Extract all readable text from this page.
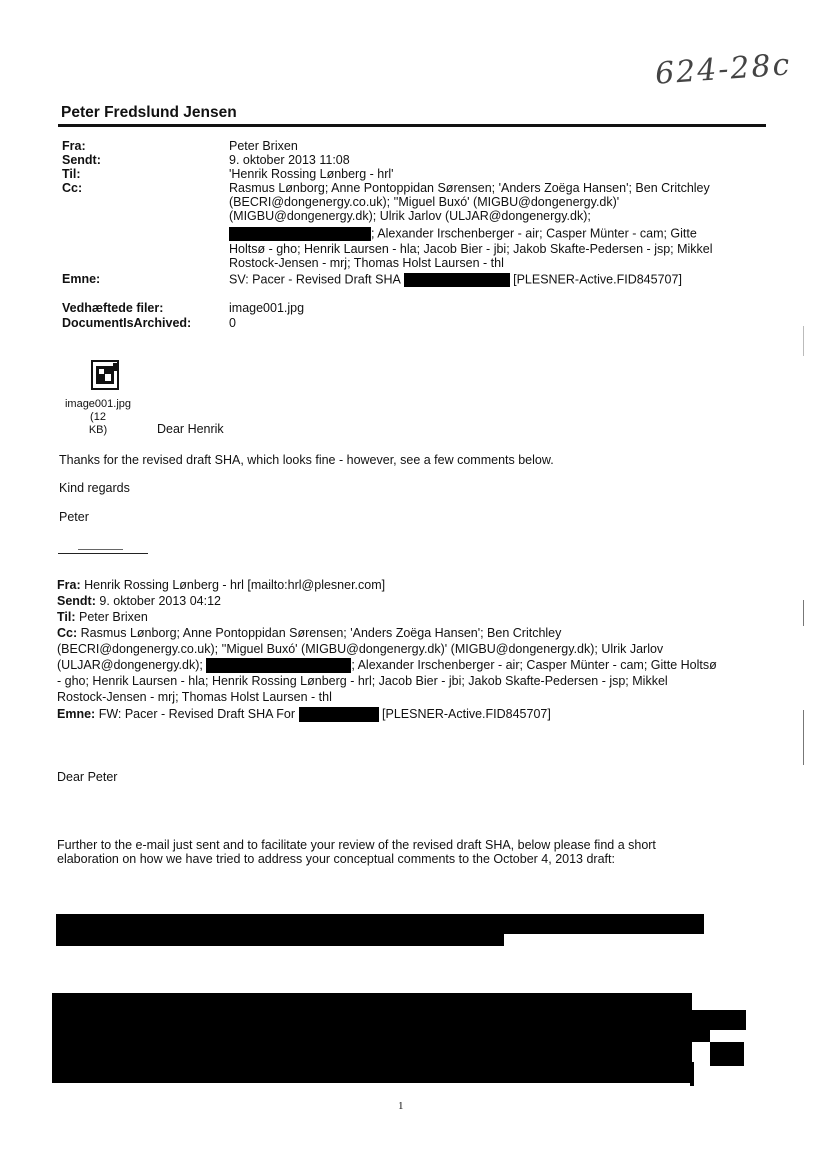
624-28c
Peter Fredslund Jensen
Fra:	Peter Brixen
Sendt:	9. oktober 2013 11:08
Til:	'Henrik Rossing Lønberg - hrl'
Cc:	Rasmus Lønborg; Anne Pontoppidan Sørensen; 'Anders Zoëga Hansen'; Ben Critchley
(BECRI@dongenergy.co.uk); ''Miguel Buxó' (MIGBU@dongenergy.dk)'
(MIGBU@dongenergy.dk); Ulrik Jarlov (ULJAR@dongenergy.dk);
; Alexander Irschenberger - air; Casper Münter - cam; Gitte
Holtsø - gho; Henrik Laursen - hla; Jacob Bier - jbi; Jakob Skafte-Pedersen - jsp; Mikkel
Rostock-Jensen - mrj; Thomas Holst Laursen - thl
Emne:	SV: Pacer - Revised Draft SHA	[PLESNER-Active.FID845707]
Vedhæftede filer:	image001.jpg
DocumentIsArchived:	0
image001.jpg (12
KB)	Dear Henrik
Thanks for the revised draft SHA, which looks fine - however, see a few comments below.
Kind regards
Peter
Fra: Henrik Rossing Lønberg - hrl [mailto:hrl@plesner.com]
Sendt: 9. oktober 2013 04:12
Til: Peter Brixen
Cc: Rasmus Lønborg; Anne Pontoppidan Sørensen; 'Anders Zoëga Hansen'; Ben Critchley
(BECRI@dongenergy.co.uk); ''Miguel Buxó' (MIGBU@dongenergy.dk)' (MIGBU@dongenergy.dk); Ulrik Jarlov
(ULJAR@dongenergy.dk);	; Alexander Irschenberger - air; Casper Münter - cam; Gitte Holtsø
- gho; Henrik Laursen - hla; Henrik Rossing Lønberg - hrl; Jacob Bier - jbi; Jakob Skafte-Pedersen - jsp; Mikkel
Rostock-Jensen - mrj; Thomas Holst Laursen - thl
Emne: FW: Pacer - Revised Draft SHA For	[PLESNER-Active.FID845707]
Dear Peter
Further to the e-mail just sent and to facilitate your review of the revised draft SHA, below please find a short
elaboration on how we have tried to address your conceptual comments to the October 4, 2013 draft:
1
